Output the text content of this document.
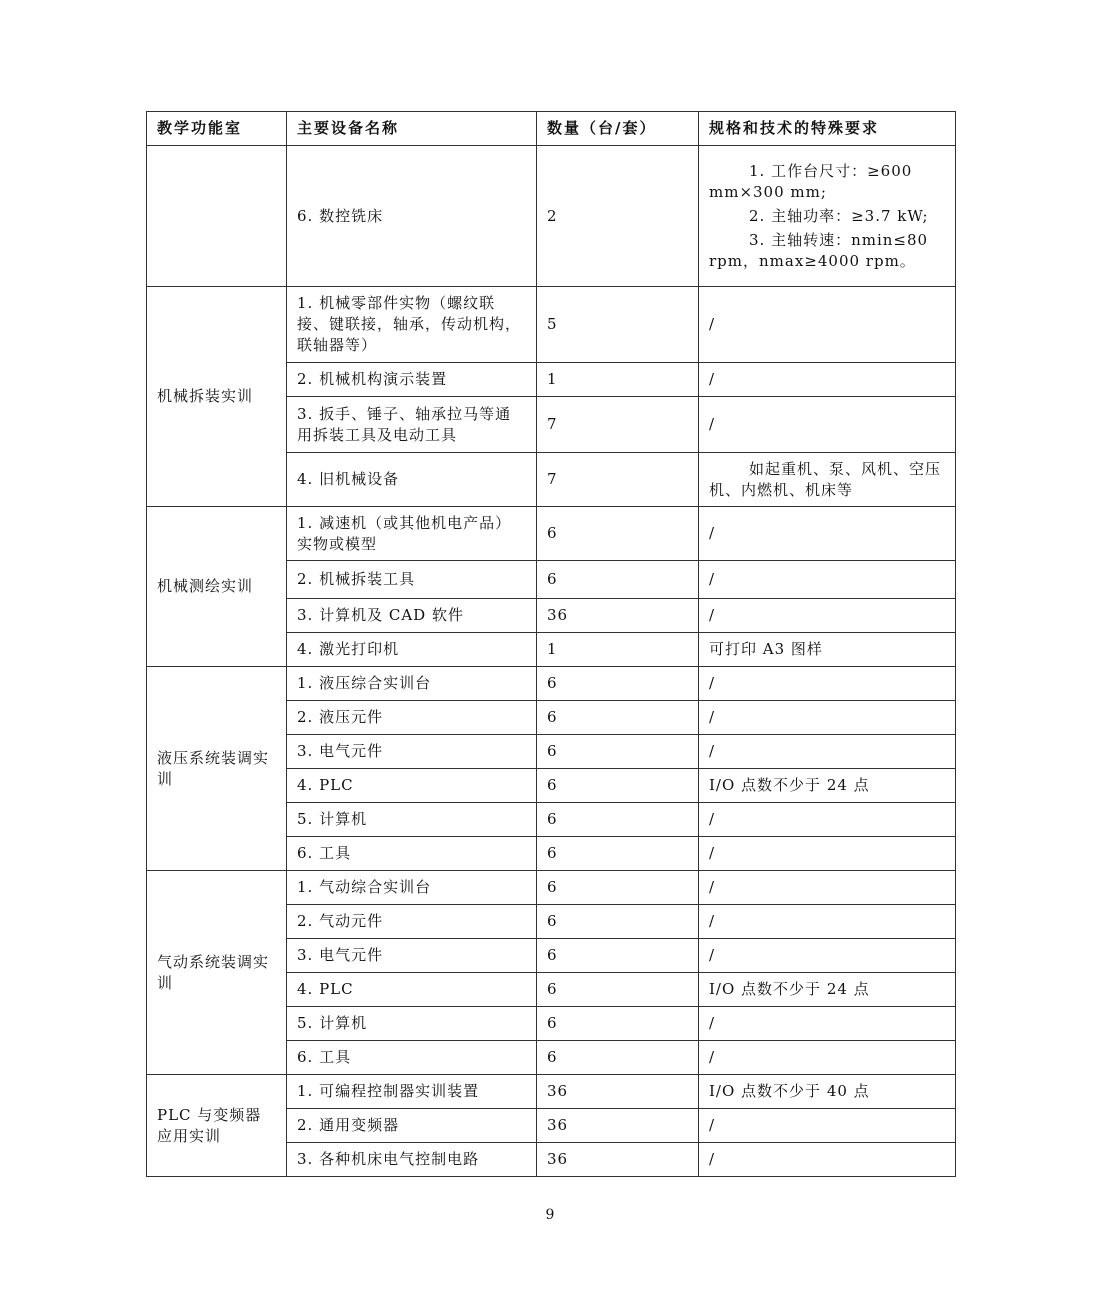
教学功能室	主要设备名称	数量（台/套）	规格和技术的特殊要求
	6. 数控铣床	2	1. 工作台尺寸：≥600 mm×300 mm;

2. 主轴功率：≥3.7 kW;

3. 主轴转速：nmin≤80 rpm，nmax≥4000 rpm。

机械拆装实训	1. 机械零部件实物（螺纹联接、键联接，轴承，传动机构，联轴器等）	5	/
	2. 机械机构演示装置	1	/
	3. 扳手、锤子、轴承拉马等通用拆装工具及电动工具	7	/
	4. 旧机械设备	7	如起重机、泵、风机、空压机、内燃机、机床等
机械测绘实训	1. 减速机（或其他机电产品）实物或模型	6	/
	2. 机械拆装工具	6	/
	3. 计算机及 CAD 软件	36	/
	4. 激光打印机	1	可打印 A3 图样
液压系统装调实训	1. 液压综合实训台	6	/
	2. 液压元件	6	/
	3. 电气元件	6	/
	4. PLC	6	I/O 点数不少于 24 点
	5. 计算机	6	/
	6. 工具	6	/
气动系统装调实训	1. 气动综合实训台	6	/
	2. 气动元件	6	/
	3. 电气元件	6	/
	4. PLC	6	I/O 点数不少于 24 点
	5. 计算机	6	/
	6. 工具	6	/
PLC 与变频器应用实训	1. 可编程控制器实训装置	36	I/O 点数不少于 40 点
	2. 通用变频器	36	/
	3. 各种机床电气控制电路	36	/
9
